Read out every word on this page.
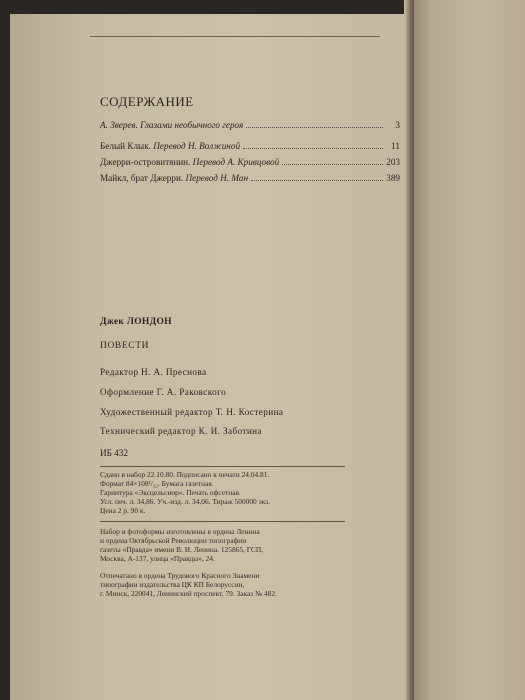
СОДЕРЖАНИЕ
А. Зверев. Глазами необычного героя	3
Белый Клык. Перевод Н. Волжиной	11
Джерри-островитянин. Перевод А. Кривцовой	203
Майкл, брат Джерри. Перевод Н. Ман	389
Джек ЛОНДОН
ПОВЕСТИ
Редактор Н. А. Преснова
Оформление Г. А. Раковского
Художественный редактор Т. Н. Костерина
Технический редактор К. И. Заботина
ИБ 432
Сдано в набор 22.10.80. Подписано к печати 24.04.81.
Формат 84×108¹/₃₂. Бумага газетная.
Гарнитура «Эксцельсиор». Печать офсетная.
Усл. печ. л. 34,86. Уч.-изд. л. 34,06. Тираж 500000 экз.
Цена 2 р. 90 к.
Набор и фотоформы изготовлены в ордена Ленина
и ордена Октябрьской Революции типографии
газеты «Правда» имени В. И. Ленина. 125865, ГСП,
Москва, А-137, улица «Правды», 24.
Отпечатано в ордена Трудового Красного Знамени
типографии издательства ЦК КП Белоруссии,
г. Минск, 220041, Ленинский проспект, 79. Заказ № 482.
